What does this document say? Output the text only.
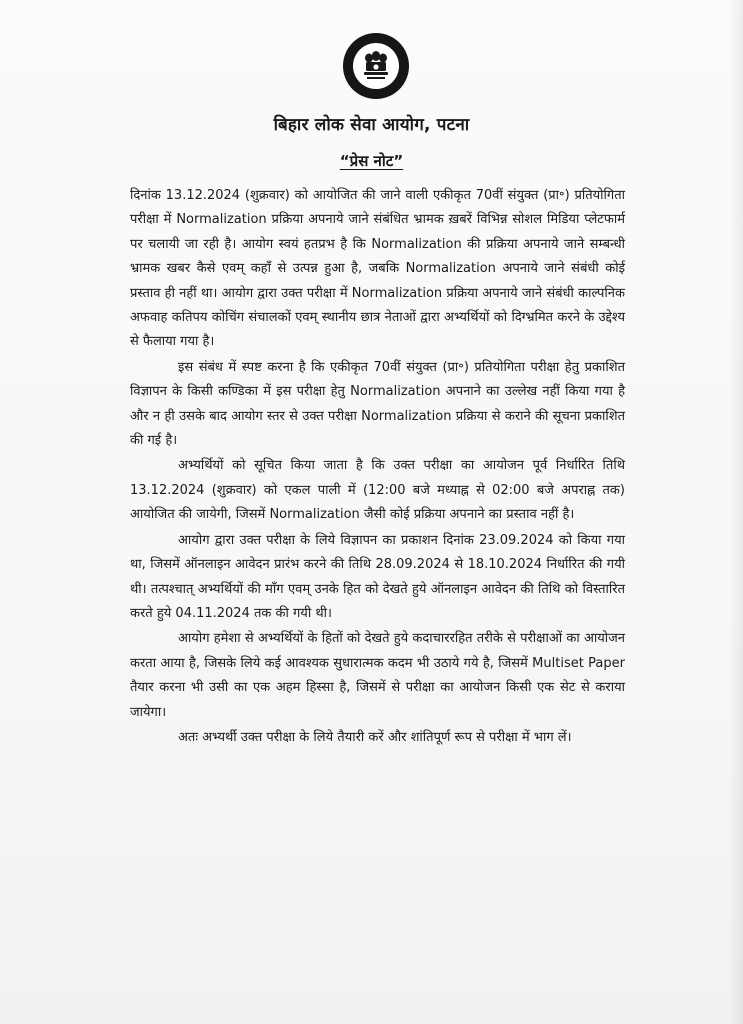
बिहार लोक सेवा आयोग, पटना
“प्रेस नोट”

दिनांक 13.12.2024 (शुक्रवार) को आयोजित की जाने वाली एकीकृत 70वीं संयुक्त (प्रा॰) प्रतियोगिता परीक्षा में Normalization प्रक्रिया अपनाये जाने संबंधित भ्रामक ख़बरें विभिन्न सोशल मिडिया प्लेटफार्म पर चलायी जा रही है। आयोग स्वयं हतप्रभ है कि Normalization की प्रक्रिया अपनाये जाने सम्बन्धी भ्रामक खबर कैसे एवम् कहाँ से उत्पन्न हुआ है, जबकि Normalization अपनाये जाने संबंधी कोई प्रस्ताव ही नहीं था। आयोग द्वारा उक्त परीक्षा में Normalization प्रक्रिया अपनाये जाने संबंधी काल्पनिक अफवाह कतिपय कोचिंग संचालकों एवम् स्थानीय छात्र नेताओं द्वारा अभ्यर्थियों को दिग्भ्रमित करने के उद्देश्य से फैलाया गया है।

इस संबंध में स्पष्ट करना है कि एकीकृत 70वीं संयुक्त (प्रा॰) प्रतियोगिता परीक्षा हेतु प्रकाशित विज्ञापन के किसी कण्डिका में इस परीक्षा हेतु Normalization अपनाने का उल्लेख नहीं किया गया है और न ही उसके बाद आयोग स्तर से उक्त परीक्षा Normalization प्रक्रिया से कराने की सूचना प्रकाशित की गई है।

अभ्यर्थियों को सूचित किया जाता है कि उक्त परीक्षा का आयोजन पूर्व निर्धारित तिथि 13.12.2024 (शुक्रवार) को एकल पाली में (12:00 बजे मध्याह्न से 02:00 बजे अपराह्न तक) आयोजित की जायेगी, जिसमें Normalization जैसी कोई प्रक्रिया अपनाने का प्रस्ताव नहीं है।

आयोग द्वारा उक्त परीक्षा के लिये विज्ञापन का प्रकाशन दिनांक 23.09.2024 को किया गया था, जिसमें ऑनलाइन आवेदन प्रारंभ करने की तिथि 28.09.2024 से 18.10.2024 निर्धारित की गयी थी। तत्पश्चात् अभ्यर्थियों की माँग एवम् उनके हित को देखते हुये ऑनलाइन आवेदन की तिथि को विस्तारित करते हुये 04.11.2024 तक की गयी थी।

आयोग हमेशा से अभ्यर्थियों के हितों को देखते हुये कदाचाररहित तरीके से परीक्षाओं का आयोजन करता आया है, जिसके लिये कई आवश्यक सुधारात्मक कदम भी उठाये गये है, जिसमें Multiset Paper तैयार करना भी उसी का एक अहम हिस्सा है, जिसमें से परीक्षा का आयोजन किसी एक सेट से कराया जायेगा।

अतः अभ्यर्थी उक्त परीक्षा के लिये तैयारी करें और शांतिपूर्ण रूप से परीक्षा में भाग लें।
